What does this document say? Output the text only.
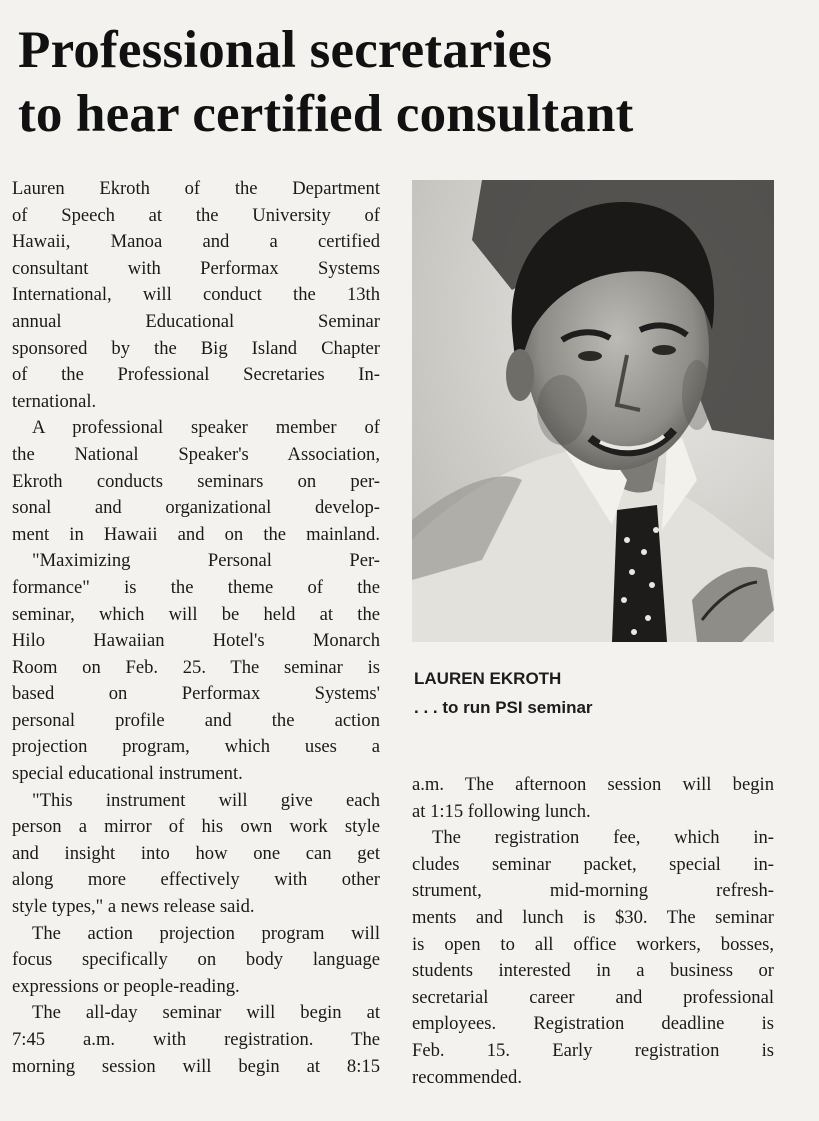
Professional secretaries
to hear certified consultant
Lauren Ekroth of the Department
of Speech at the University of
Hawaii, Manoa and a certified
consultant with Performax Systems
International, will conduct the 13th
annual Educational Seminar
sponsored by the Big Island Chapter
of the Professional Secretaries In-
ternational.
A professional speaker member of
the National Speaker's Association,
Ekroth conducts seminars on per-
sonal and organizational develop-
ment in Hawaii and on the mainland.
"Maximizing Personal Per-
formance" is the theme of the
seminar, which will be held at the
Hilo Hawaiian Hotel's Monarch
Room on Feb. 25. The seminar is
based on Performax Systems'
personal profile and the action
projection program, which uses a
special educational instrument.
"This instrument will give each
person a mirror of his own work style
and insight into how one can get
along more effectively with other
style types," a news release said.
The action projection program will
focus specifically on body language
expressions or people-reading.
The all-day seminar will begin at
7:45 a.m. with registration. The
morning session will begin at 8:15
LAUREN EKROTH
. . . to run PSI seminar
a.m. The afternoon session will begin
at 1:15 following lunch.
The registration fee, which in-
cludes seminar packet, special in-
strument, mid-morning refresh-
ments and lunch is $30. The seminar
is open to all office workers, bosses,
students interested in a business or
secretarial career and professional
employees. Registration deadline is
Feb. 15. Early registration is
recommended.
